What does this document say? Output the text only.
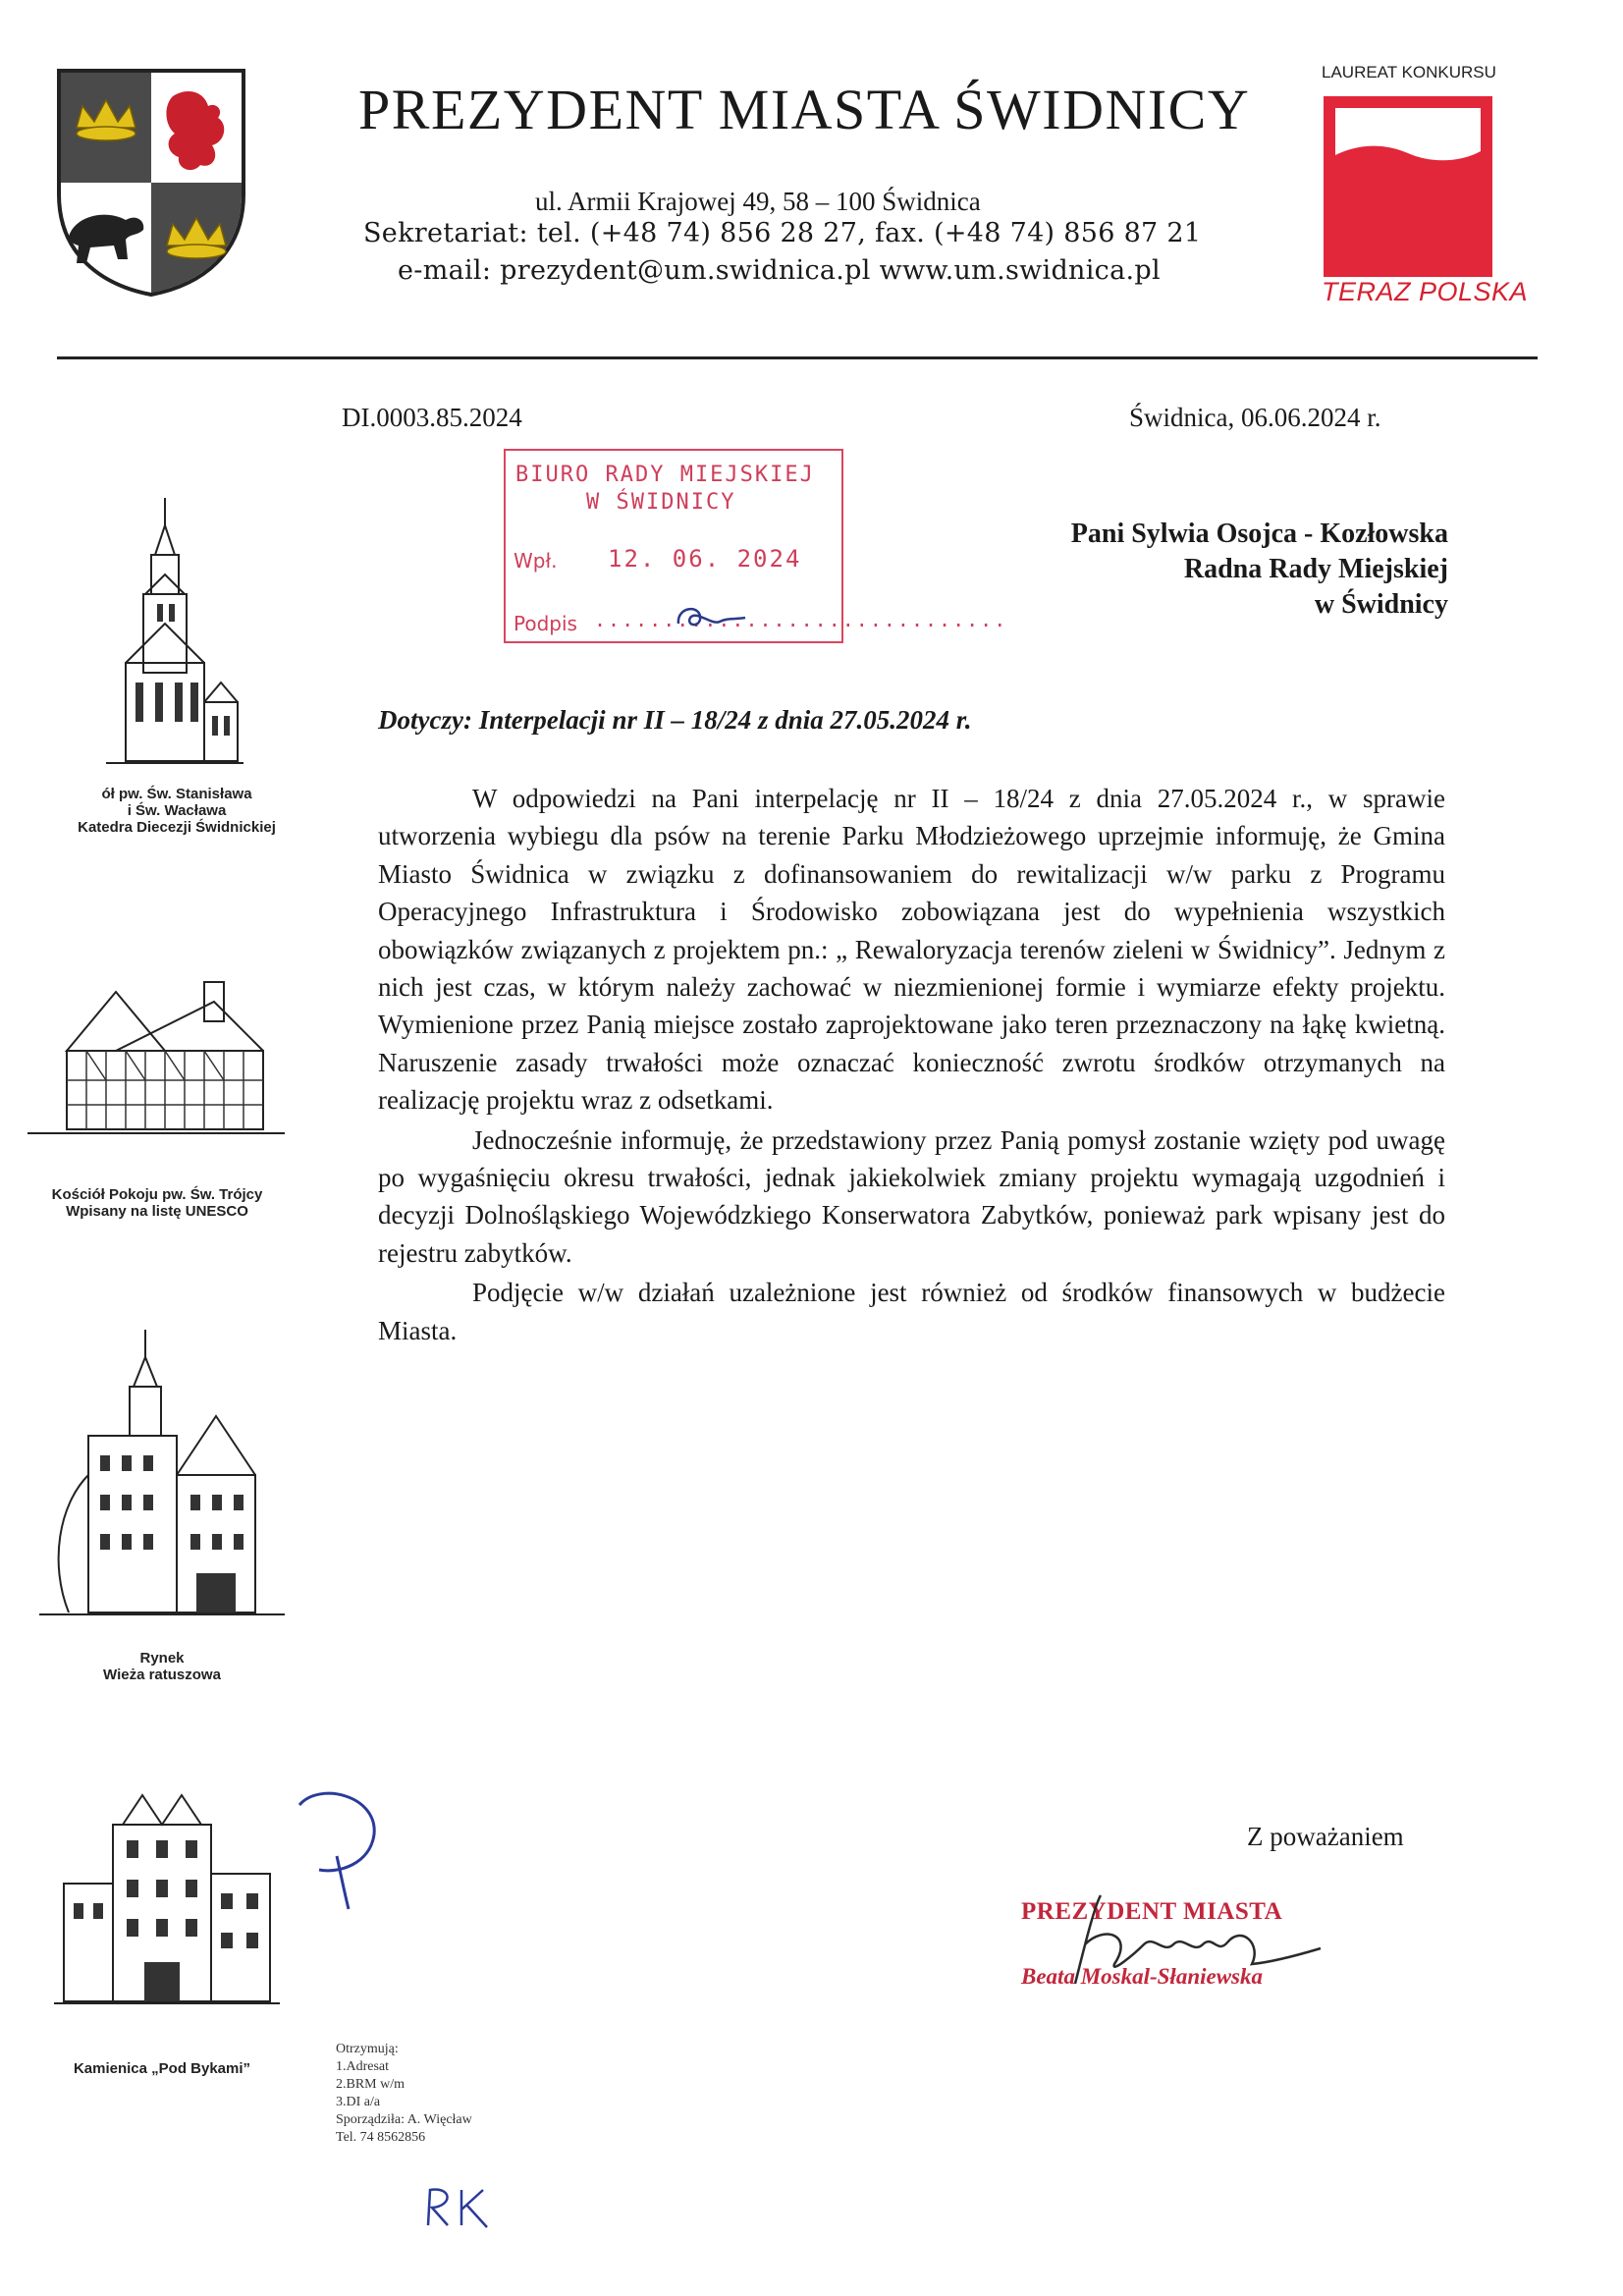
PREZYDENT MIASTA ŚWIDNICY
ul. Armii Krajowej 49, 58 – 100 Świdnica
Sekretariat: tel. (+48 74) 856 28 27, fax. (+48 74) 856 87 21
e-mail: prezydent@um.swidnica.pl www.um.swidnica.pl
LAUREAT KONKURSU
TERAZ POLSKA
ół pw. Św. Stanisława
i Św. Wacława
Katedra Diecezji Świdnickiej
Kościół Pokoju pw. Św. Trójcy
Wpisany na listę UNESCO
Rynek
Wieża ratuszowa
Kamienica „Pod Bykami”
DI.0003.85.2024	Świdnica, 06.06.2024 r.
BIURO RADY MIEJSKIEJ
W ŚWIDNICY
Wpł. 12. 06. 2024
Podpis ..............................
Pani Sylwia Osojca - Kozłowska
Radna Rady Miejskiej
w Świdnicy
Dotyczy: Interpelacji nr II – 18/24 z dnia 27.05.2024 r.

W odpowiedzi na Pani interpelację nr II – 18/24 z dnia 27.05.2024 r., w sprawie utworzenia wybiegu dla psów na terenie Parku Młodzieżowego uprzejmie informuję, że Gmina Miasto Świdnica w związku z dofinansowaniem do rewitalizacji w/w parku z Programu Operacyjnego Infrastruktura i Środowisko zobowiązana jest do wypełnienia wszystkich obowiązków związanych z projektem pn.: „ Rewaloryzacja terenów zieleni w Świdnicy”. Jednym z nich jest czas, w którym należy zachować w niezmienionej formie i wymiarze efekty projektu. Wymienione przez Panią miejsce zostało zaprojektowane jako teren przeznaczony na łąkę kwietną. Naruszenie zasady trwałości może oznaczać konieczność zwrotu środków otrzymanych na realizację projektu wraz z odsetkami.

Jednocześnie informuję, że przedstawiony przez Panią pomysł zostanie wzięty pod uwagę po wygaśnięciu okresu trwałości, jednak jakiekolwiek zmiany projektu wymagają uzgodnień i decyzji Dolnośląskiego Wojewódzkiego Konserwatora Zabytków, ponieważ park wpisany jest do rejestru zabytków.

Podjęcie w/w działań uzależnione jest również od środków finansowych w budżecie Miasta.

Z poważaniem
PREZYDENT MIASTA
Beata Moskal-Słaniewska
Otrzymują:
1.Adresat
2.BRM w/m
3.DI a/a
Sporządziła: A. Więcław
Tel. 74 8562856
